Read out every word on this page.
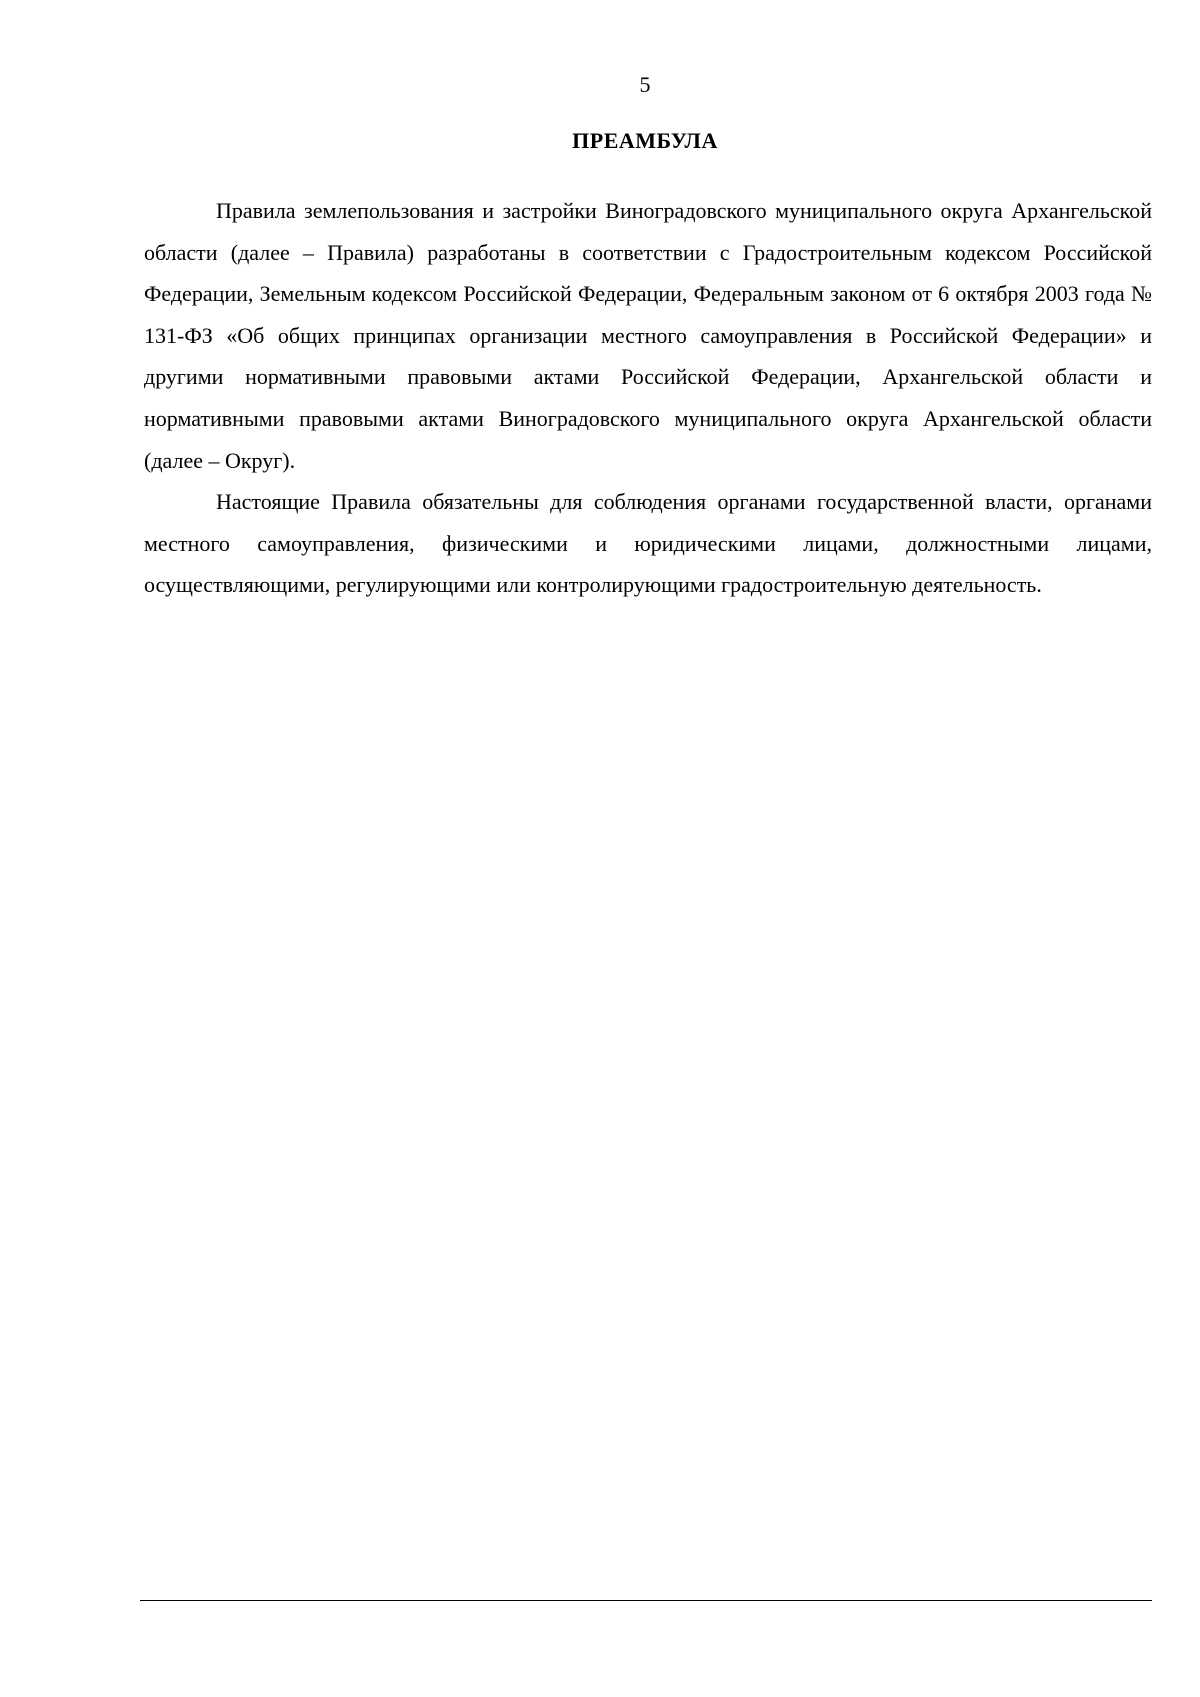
5
ПРЕАМБУЛА

Правила землепользования и застройки Виноградовского муниципального округа Архангельской области (далее – Правила) разработаны в соответствии с Градостроительным кодексом Российской Федерации, Земельным кодексом Российской Федерации, Федеральным законом от 6 октября 2003 года № 131-ФЗ «Об общих принципах организации местного самоуправления в Российской Федерации» и другими нормативными правовыми актами Российской Федерации, Архангельской области и нормативными правовыми актами Виноградовского муниципального округа Архангельской области (далее – Округ).

Настоящие Правила обязательны для соблюдения органами государственной власти, органами местного самоуправления, физическими и юридическими лицами, должностными лицами, осуществляющими, регулирующими или контролирующими градостроительную деятельность.
